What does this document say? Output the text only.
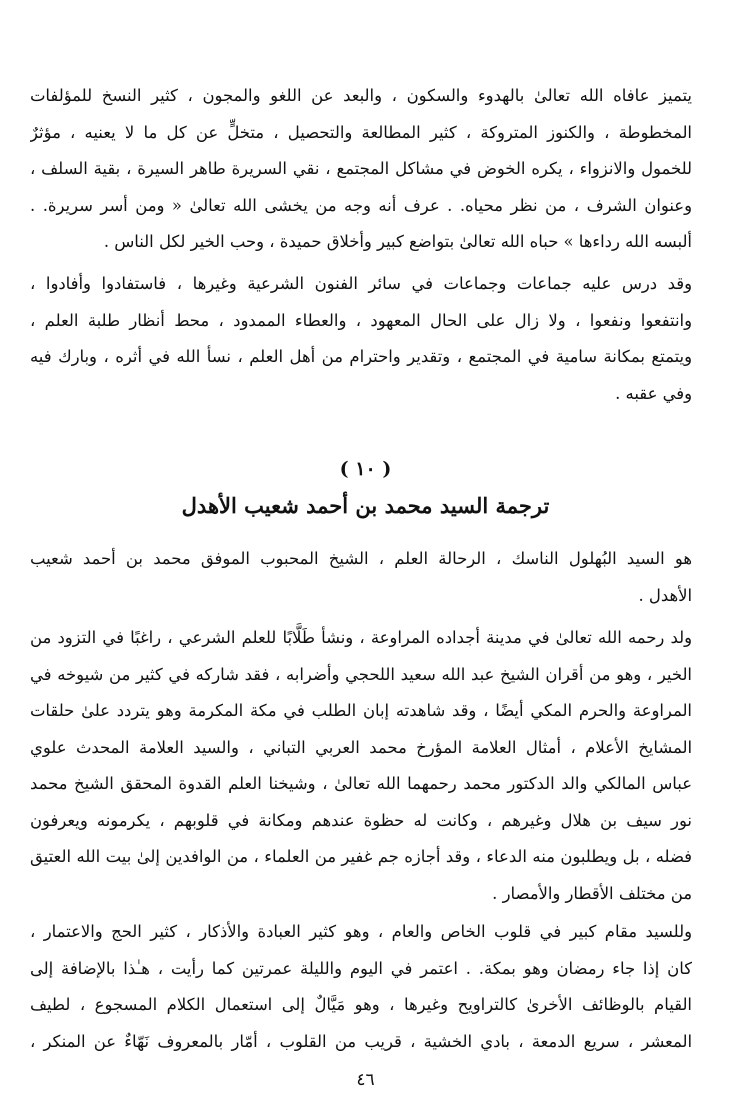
يتميز عافاه الله تعالىٰ بالهدوء والسكون ، والبعد عن اللغو والمجون ، كثير النسخ للمؤلفات
المخطوطة ، والكنوز المتروكة ، كثير المطالعة والتحصيل ، متخلٍّ عن كل ما لا يعنيه ، مؤثرٌ
للخمول والانزواء ، يكره الخوض في مشاكل المجتمع ، نقي السريرة طاهر السيرة ، بقية السلف ،
وعنوان الشرف ، من نظر محياه. . عرف أنه وجه من يخشى الله تعالىٰ « ومن أسر سريرة. .
ألبسه الله رداءها » حباه الله تعالىٰ بتواضع كبير وأخلاق حميدة ، وحب الخير لكل الناس .
وقد درس عليه جماعات وجماعات في سائر الفنون الشرعية وغيرها ، فاستفادوا وأفادوا ،
وانتفعوا ونفعوا ، ولا زال على الحال المعهود ، والعطاء الممدود ، محط أنظار طلبة العلم ،
ويتمتع بمكانة سامية في المجتمع ، وتقدير واحترام من أهل العلم ، نسأ الله في أثره ، وبارك فيه
وفي عقبه .
( ١٠ )
ترجمة السيد محمد بن أحمد شعيب الأهدل
هو السيد البُهلول الناسك ، الرحالة العلم ، الشيخ المحبوب الموفق محمد بن أحمد شعيب
الأهدل .
ولد رحمه الله تعالىٰ في مدينة أجداده المراوعة ، ونشأ طَلَّابًا للعلم الشرعي ، راغبًا في التزود من
الخير ، وهو من أقران الشيخ عبد الله سعيد اللحجي وأضرابه ، فقد شاركه في كثير من شيوخه في
المراوعة والحرم المكي أيضًا ، وقد شاهدته إبان الطلب في مكة المكرمة وهو يتردد علىٰ حلقات
المشايخ الأعلام ، أمثال العلامة المؤرخ محمد العربي التباني ، والسيد العلامة المحدث علوي
عباس المالكي والد الدكتور محمد رحمهما الله تعالىٰ ، وشيخنا العلم القدوة المحقق الشيخ محمد
نور سيف بن هلال وغيرهم ، وكانت له حظوة عندهم ومكانة في قلوبهم ، يكرمونه ويعرفون
فضله ، بل ويطلبون منه الدعاء ، وقد أجازه جم غفير من العلماء ، من الوافدين إلىٰ بيت الله العتيق
من مختلف الأقطار والأمصار .
وللسيد مقام كبير في قلوب الخاص والعام ، وهو كثير العبادة والأذكار ، كثير الحج والاعتمار ،
كان إذا جاء رمضان وهو بمكة. . اعتمر في اليوم والليلة عمرتين كما رأيت ، هـٰذا بالإضافة إلى
القيام بالوظائف الأخرىٰ كالتراويح وغيرها ، وهو مَيَّالٌ إلى استعمال الكلام المسجوع ، لطيف
المعشر ، سريع الدمعة ، بادي الخشية ، قريب من القلوب ، أمّار بالمعروف نَهّاءٌ عن المنكر ،
٤٦
